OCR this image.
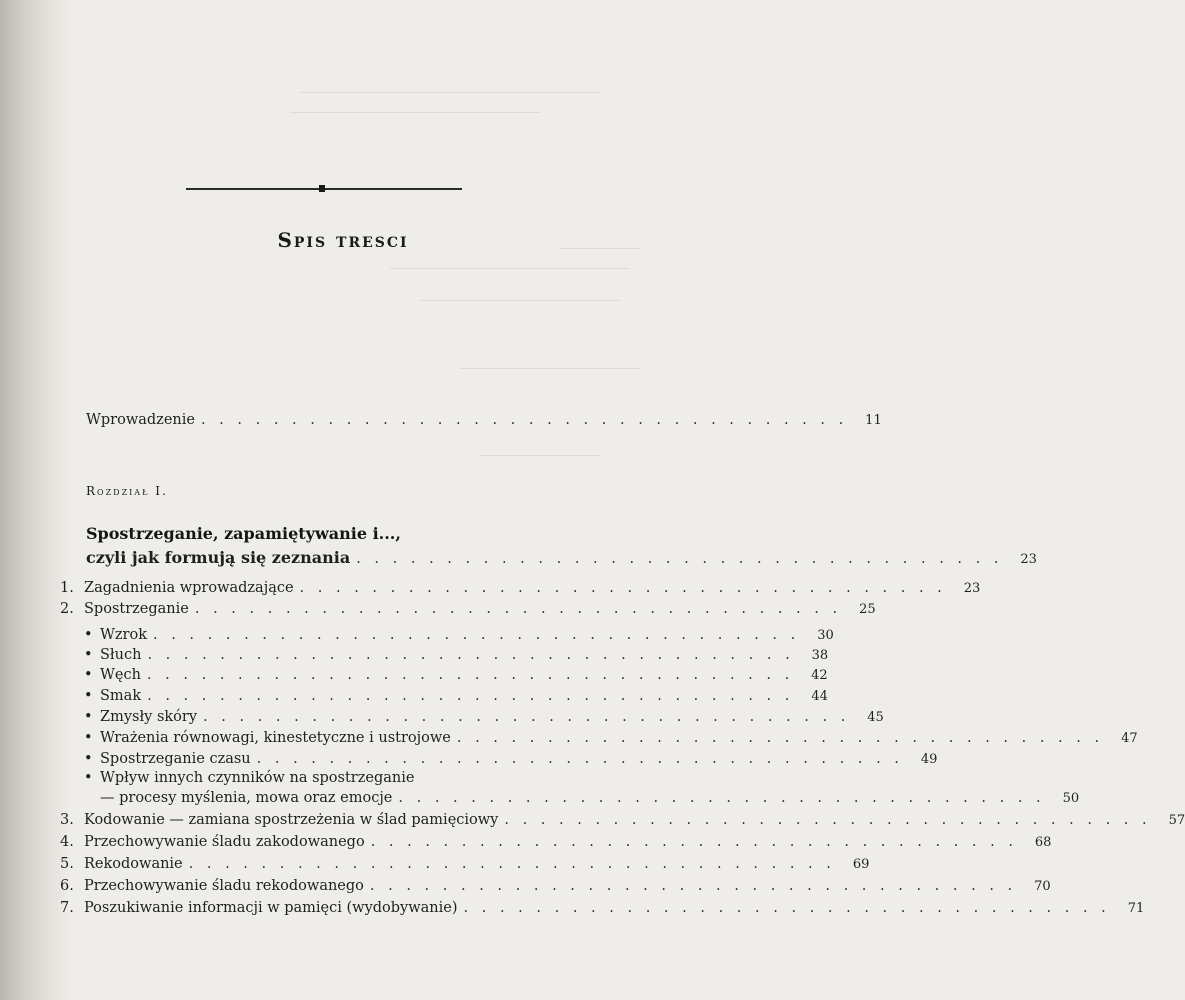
Spis tresci
Wprowadzenie . . . . . . . . . . . . . . . . . . . . . . . . . . . . . . . . . . . .	11
Rozdział I.
Spostrzeganie, zapamiętywanie i...,
czyli jak formują się zeznania . . . . . . . . . . . . . . . . . . . . . . . . . . . . . . . . . . . .	23
1. Zagadnienia wprowadzające . . . . . . . . . . . . . . . . . . . . . . . . . . . . . . . . . . . .	23
2. Spostrzeganie . . . . . . . . . . . . . . . . . . . . . . . . . . . . . . . . . . . .	25
• Wzrok . . . . . . . . . . . . . . . . . . . . . . . . . . . . . . . . . . . .	30
• Słuch . . . . . . . . . . . . . . . . . . . . . . . . . . . . . . . . . . . .	38
• Węch . . . . . . . . . . . . . . . . . . . . . . . . . . . . . . . . . . . .	42
• Smak . . . . . . . . . . . . . . . . . . . . . . . . . . . . . . . . . . . .	44
• Zmysły skóry . . . . . . . . . . . . . . . . . . . . . . . . . . . . . . . . . . . .	45
• Wrażenia równowagi, kinestetyczne i ustrojowe . . . . . . . . . . . . . . . . . . . . . . . . . . . . . . . . . . . .	47
• Spostrzeganie czasu . . . . . . . . . . . . . . . . . . . . . . . . . . . . . . . . . . . .	49
• Wpływ innych czynników na spostrzeganie
— procesy myślenia, mowa oraz emocje . . . . . . . . . . . . . . . . . . . . . . . . . . . . . . . . . . . .	50
3. Kodowanie — zamiana spostrzeżenia w ślad pamięciowy . . . . . . . . . . . . . . . . . . . . . . . . . . . . . . . . . . . .	57
4. Przechowywanie śladu zakodowanego . . . . . . . . . . . . . . . . . . . . . . . . . . . . . . . . . . . .	68
5. Rekodowanie . . . . . . . . . . . . . . . . . . . . . . . . . . . . . . . . . . . .	69
6. Przechowywanie śladu rekodowanego . . . . . . . . . . . . . . . . . . . . . . . . . . . . . . . . . . . .	70
7. Poszukiwanie informacji w pamięci (wydobywanie) . . . . . . . . . . . . . . . . . . . . . . . . . . . . . . . . . . . .	71
